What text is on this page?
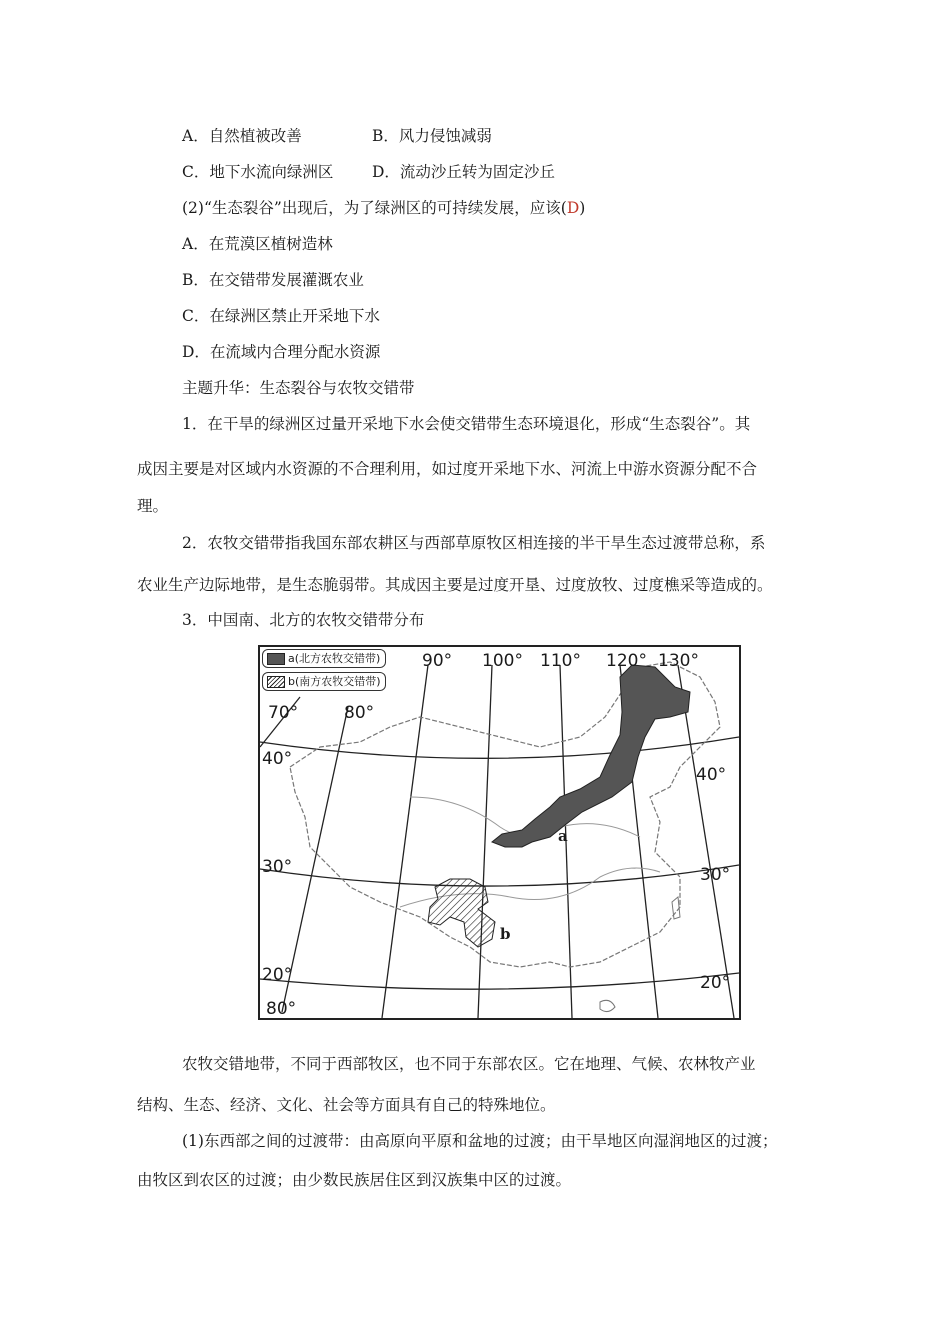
A．自然植被改善	B．风力侵蚀减弱
C．地下水流向绿洲区 D．流动沙丘转为固定沙丘
(2)“生态裂谷”出现后，为了绿洲区的可持续发展，应该(D)
A．在荒漠区植树造林
B．在交错带发展灌溉农业
C．在绿洲区禁止开采地下水
D．在流域内合理分配水资源
主题升华：生态裂谷与农牧交错带
1．在干旱的绿洲区过量开采地下水会使交错带生态环境退化，形成“生态裂谷”。其
成因主要是对区域内水资源的不合理利用，如过度开采地下水、河流上中游水资源分配不合
理。
2．农牧交错带指我国东部农耕区与西部草原牧区相连接的半干旱生态过渡带总称，系
农业生产边际地带，是生态脆弱带。其成因主要是过度开垦、过度放牧、过度樵采等造成的。
3．中国南、北方的农牧交错带分布
a(北方农牧交错带)
b(南方农牧交错带)
70°	80°
90° 100° 110° 120° 130°
80°
40°
30°
20°
40°
30°
20°
a
b
农牧交错地带，不同于西部牧区，也不同于东部农区。它在地理、气候、农林牧产业
结构、生态、经济、文化、社会等方面具有自己的特殊地位。
(1)东西部之间的过渡带：由高原向平原和盆地的过渡；由干旱地区向湿润地区的过渡；
由牧区到农区的过渡；由少数民族居住区到汉族集中区的过渡。
